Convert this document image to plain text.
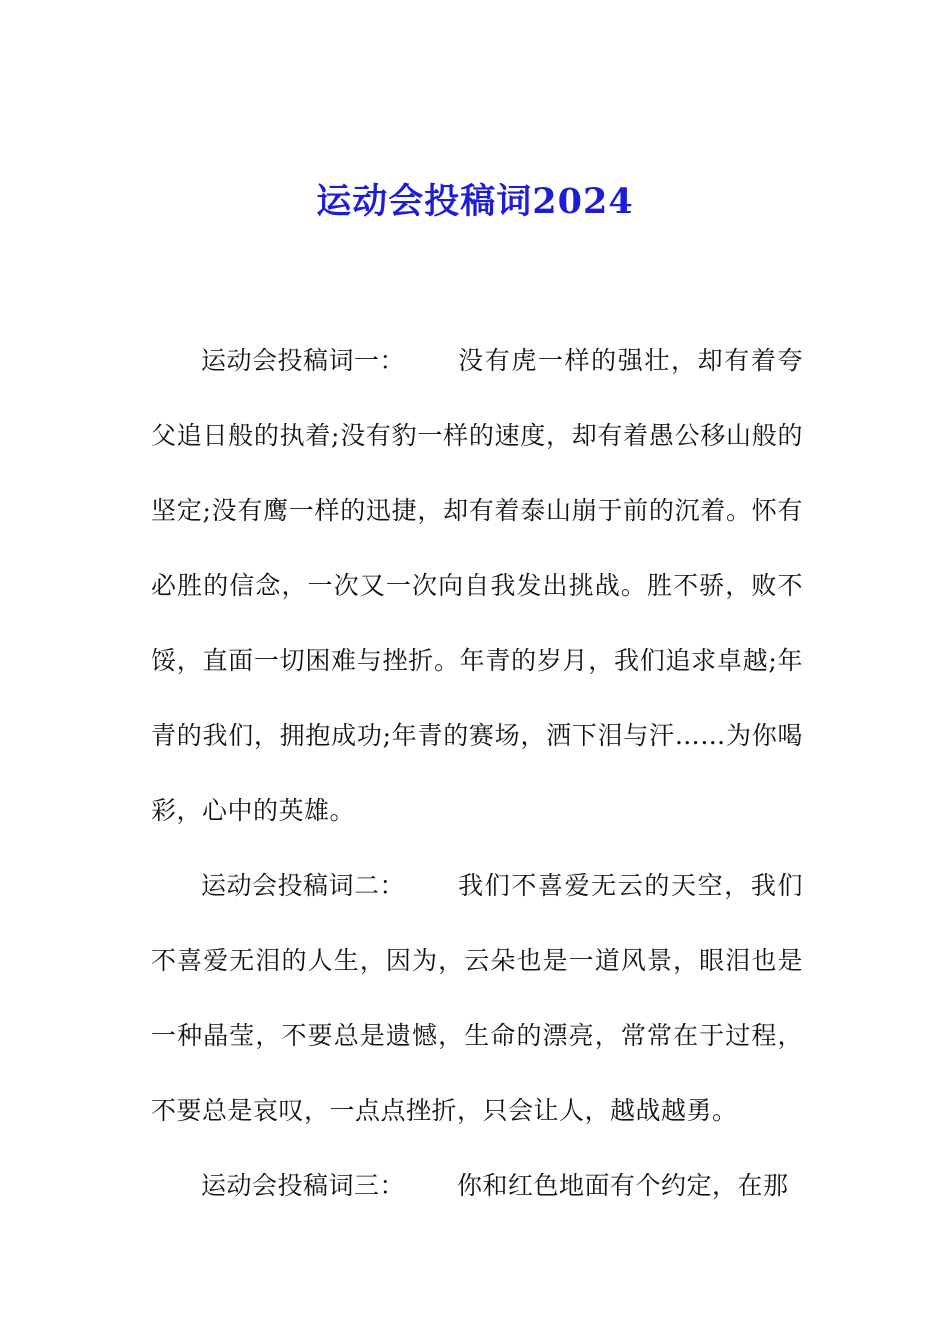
运动会投稿词2024

运动会投稿词一： 没有虎一样的强壮，却有着夸父追日般的执着;没有豹一样的速度，却有着愚公移山般的坚定;没有鹰一样的迅捷，却有着泰山崩于前的沉着。怀有必胜的信念，一次又一次向自我发出挑战。胜不骄，败不馁，直面一切困难与挫折。年青的岁月，我们追求卓越;年青的我们，拥抱成功;年青的赛场，洒下泪与汗……为你喝彩，心中的英雄。

运动会投稿词二： 我们不喜爱无云的天空，我们不喜爱无泪的人生，因为，云朵也是一道风景，眼泪也是一种晶莹，不要总是遗憾，生命的漂亮，常常在于过程，不要总是哀叹，一点点挫折，只会让人，越战越勇。

运动会投稿词三： 你和红色地面有个约定，在那
